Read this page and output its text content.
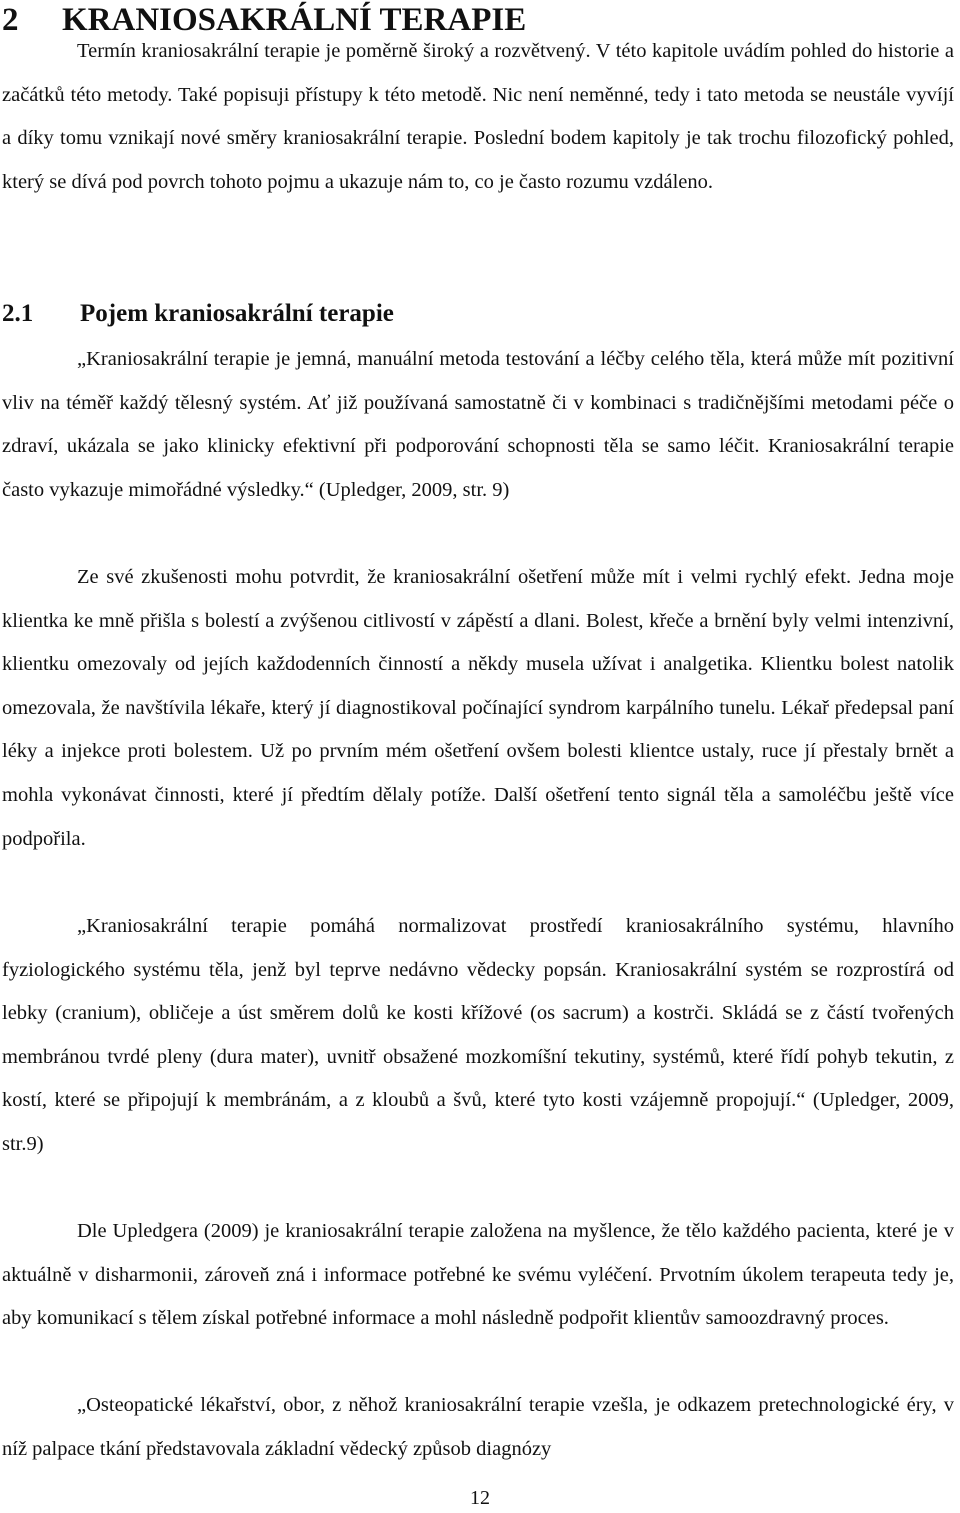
2 KRANIOSAKRÁLNÍ TERAPIE

Termín kraniosakrální terapie je poměrně široký a rozvětvený. V této kapitole uvádím pohled do historie a začátků této metody. Také popisuji přístupy k této metodě. Nic není neměnné, tedy i tato metoda se neustále vyvíjí a díky tomu vznikají nové směry kraniosakrální terapie. Poslední bodem kapitoly je tak trochu filozofický pohled, který se dívá pod povrch tohoto pojmu a ukazuje nám to, co je často rozumu vzdáleno.

2.1 Pojem kraniosakrální terapie

„Kraniosakrální terapie je jemná, manuální metoda testování a léčby celého těla, která může mít pozitivní vliv na téměř každý tělesný systém. Ať již používaná samostatně či v kombinaci s tradičnějšími metodami péče o zdraví, ukázala se jako klinicky efektivní při podporování schopnosti těla se samo léčit. Kraniosakrální terapie často vykazuje mimořádné výsledky.“ (Upledger, 2009, str. 9)

Ze své zkušenosti mohu potvrdit, že kraniosakrální ošetření může mít i velmi rychlý efekt. Jedna moje klientka ke mně přišla s bolestí a zvýšenou citlivostí v zápěstí a dlani. Bolest, křeče a brnění byly velmi intenzivní, klientku omezovaly od jejích každodenních činností a někdy musela užívat i analgetika. Klientku bolest natolik omezovala, že navštívila lékaře, který jí diagnostikoval počínající syndrom karpálního tunelu. Lékař předepsal paní léky a injekce proti bolestem. Už po prvním mém ošetření ovšem bolesti klientce ustaly, ruce jí přestaly brnět a mohla vykonávat činnosti, které jí předtím dělaly potíže. Další ošetření tento signál těla a samoléčbu ještě více podpořila.

„Kraniosakrální terapie pomáhá normalizovat prostředí kraniosakrálního systému, hlavního fyziologického systému těla, jenž byl teprve nedávno vědecky popsán. Kraniosakrální systém se rozprostírá od lebky (cranium), obličeje a úst směrem dolů ke kosti křížové (os sacrum) a kostrči. Skládá se z částí tvořených membránou tvrdé pleny (dura mater), uvnitř obsažené mozkomíšní tekutiny, systémů, které řídí pohyb tekutin, z kostí, které se připojují k membránám, a z kloubů a švů, které tyto kosti vzájemně propojují.“ (Upledger, 2009, str.9)

Dle Upledgera (2009) je kraniosakrální terapie založena na myšlence, že tělo každého pacienta, které je v aktuálně v disharmonii, zároveň zná i informace potřebné ke svému vyléčení. Prvotním úkolem terapeuta tedy je, aby komunikací s tělem získal potřebné informace a mohl následně podpořit klientův samoozdravný proces.

„Osteopatické lékařství, obor, z něhož kraniosakrální terapie vzešla, je odkazem pretechnologické éry, v níž palpace tkání představovala základní vědecký způsob diagnózy

12
